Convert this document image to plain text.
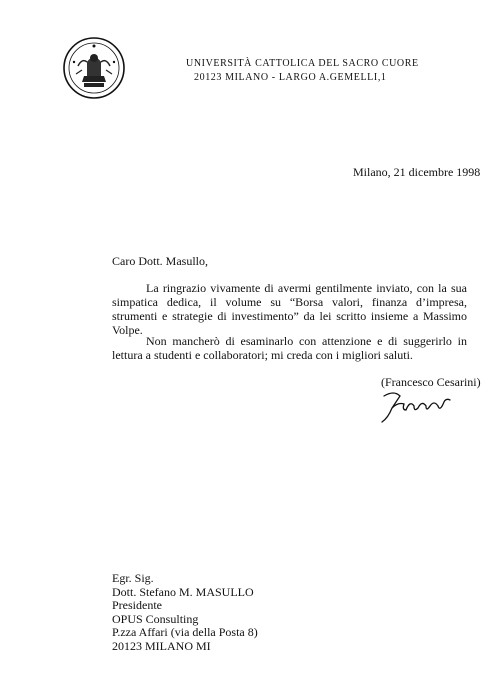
UNIVERSITÀ CATTOLICA DEL SACRO CUORE
20123 MILANO - LARGO A.GEMELLI,1
Milano, 21 dicembre 1998
Caro Dott. Masullo,
La ringrazio vivamente di avermi gentilmente inviato, con la sua simpatica dedica, il volume su “Borsa valori, finanza d’impresa, strumenti e strategie di investimento” da lei scritto insieme a Massimo Volpe.
Non mancherò di esaminarlo con attenzione e di suggerirlo in lettura a studenti e collaboratori; mi creda con i migliori saluti.
(Francesco Cesarini)
Egr. Sig.
Dott. Stefano M. MASULLO
Presidente
OPUS Consulting
P.zza Affari (via della Posta 8)
20123 MILANO MI
